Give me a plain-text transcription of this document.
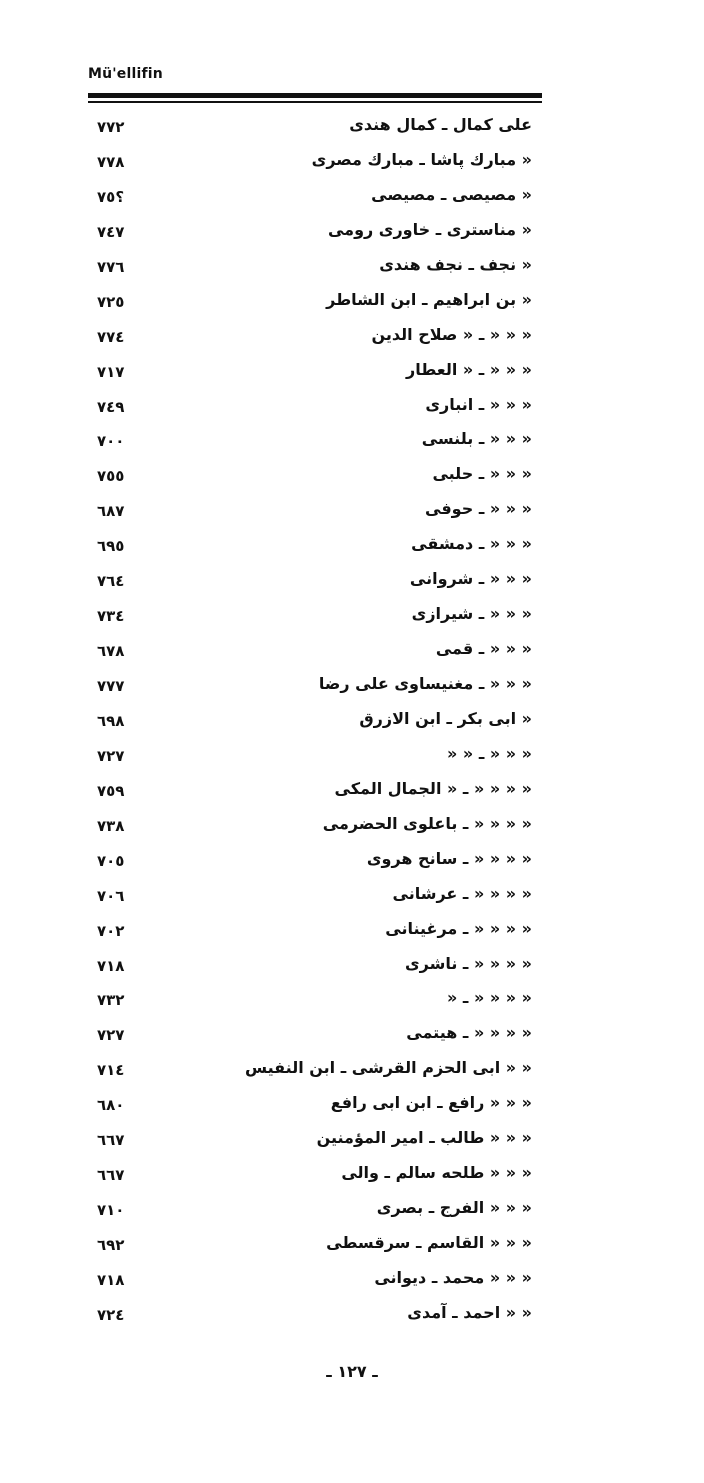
Mü'ellifin
علی کمال ـ کمال هندی
۷۷۲
« مبارك پاشا ـ مبارك مصری
۷۷۸
« مصیصی ـ مصیصی
؟۷٥
« مناستری ـ خاوری رومی
۷٤۷
« نجف ـ نجف هندی
۷۷٦
« بن ابراهیم ـ ابن الشاطر
۷۲٥
« « « ـ « صلاح الدین
۷۷٤
« « « ـ « العطار
۷۱۷
« « « ـ انباری
۷٤۹
« « « ـ بلنسی
۷۰۰
« « « ـ حلبی
۷٥٥
« « « ـ حوفی
٦۸۷
« « « ـ دمشقی
٦۹٥
« « « ـ شروانی
۷٦٤
« « « ـ شیرازی
۷۳٤
« « « ـ قمی
٦۷۸
« « « ـ مغنیساوی علی رضا
۷۷۷
« ابی بکر ـ ابن الازرق
٦۹۸
« « « ـ « «
۷۲۷
« « « « ـ « الجمال المکی
۷٥۹
« « « « ـ باعلوی الحضرمی
۷۳۸
« « « « ـ سانح هروی
۷۰٥
« « « « ـ عرشانی
۷۰٦
« « « « ـ مرغینانی
۷۰۲
« « « « ـ ناشری
۷۱۸
« « « « ـ «
۷۳۲
« « « « ـ هیتمی
۷۲۷
« « ابی الحزم القرشی ـ ابن النفیس
۷۱٤
« « « رافع ـ ابن ابی رافع
٦۸۰
« « « طالب ـ امیر المؤمنین
٦٦۷
« « « طلحه سالم ـ والی
٦٦۷
« « « الفرج ـ بصری
۷۱۰
« « « القاسم ـ سرقسطی
٦۹۲
« « « محمد ـ دیوانی
۷۱۸
« « احمد ـ آمدی
۷۲٤
ـ ۱۲۷ ـ
